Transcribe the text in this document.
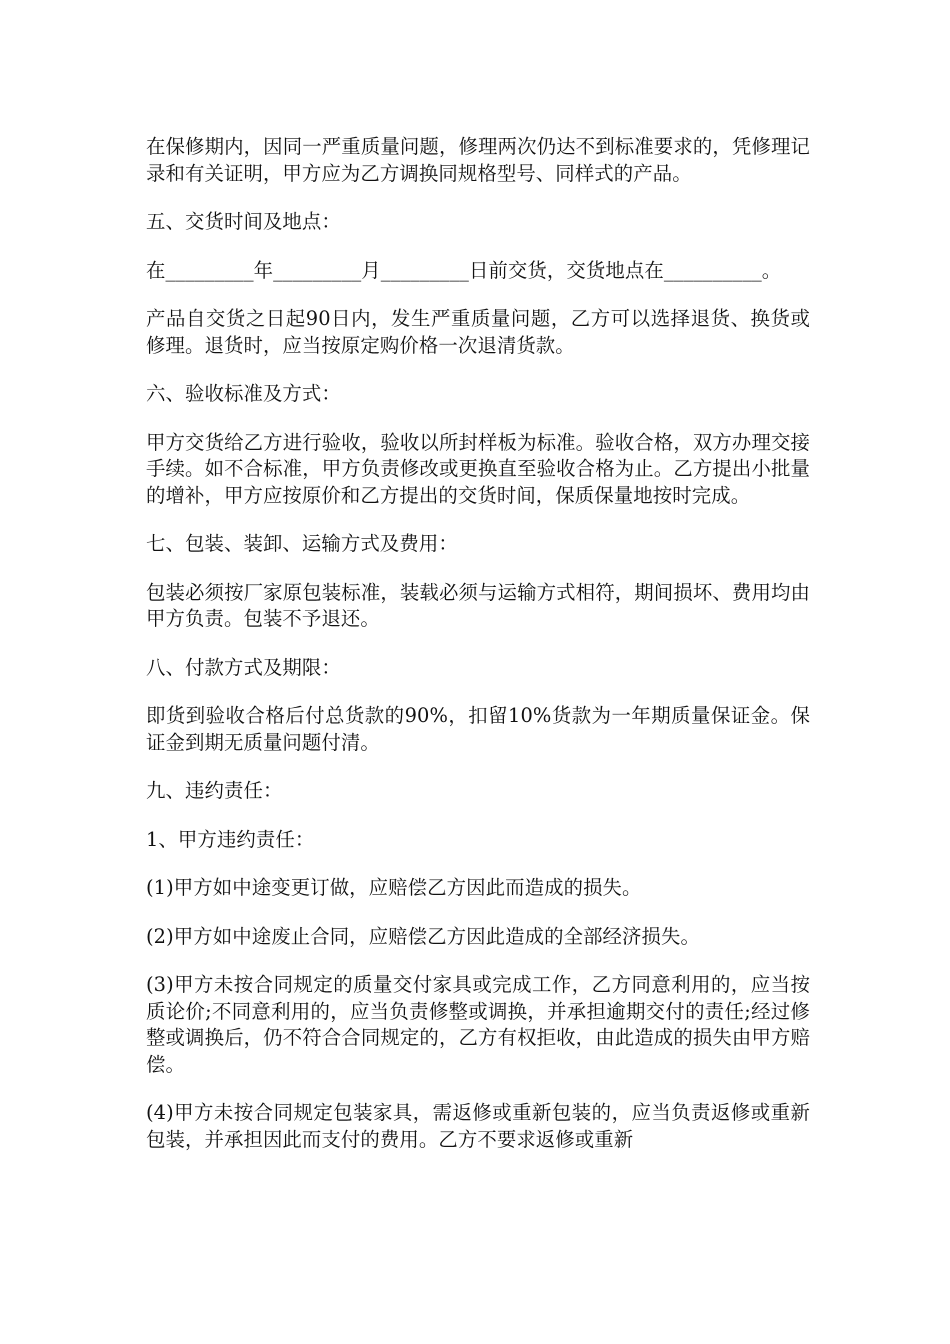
在保修期内，因同一严重质量问题，修理两次仍达不到标准要求的，凭修理记录和有关证明，甲方应为乙方调换同规格型号、同样式的产品。

五、交货时间及地点：

在_________年_________月_________日前交货，交货地点在__________。

产品自交货之日起90日内，发生严重质量问题，乙方可以选择退货、换货或修理。退货时，应当按原定购价格一次退清货款。

六、验收标准及方式：

甲方交货给乙方进行验收，验收以所封样板为标准。验收合格，双方办理交接手续。如不合标准，甲方负责修改或更换直至验收合格为止。乙方提出小批量的增补，甲方应按原价和乙方提出的交货时间，保质保量地按时完成。

七、包装、装卸、运输方式及费用：

包装必须按厂家原包装标准，装载必须与运输方式相符，期间损坏、费用均由甲方负责。包装不予退还。

八、付款方式及期限：

即货到验收合格后付总货款的90%，扣留10%货款为一年期质量保证金。保证金到期无质量问题付清。

九、违约责任：

1、甲方违约责任：

(1)甲方如中途变更订做，应赔偿乙方因此而造成的损失。

(2)甲方如中途废止合同，应赔偿乙方因此造成的全部经济损失。

(3)甲方未按合同规定的质量交付家具或完成工作，乙方同意利用的，应当按质论价;不同意利用的，应当负责修整或调换，并承担逾期交付的责任;经过修整或调换后，仍不符合合同规定的，乙方有权拒收，由此造成的损失由甲方赔偿。

(4)甲方未按合同规定包装家具，需返修或重新包装的，应当负责返修或重新包装，并承担因此而支付的费用。乙方不要求返修或重新
